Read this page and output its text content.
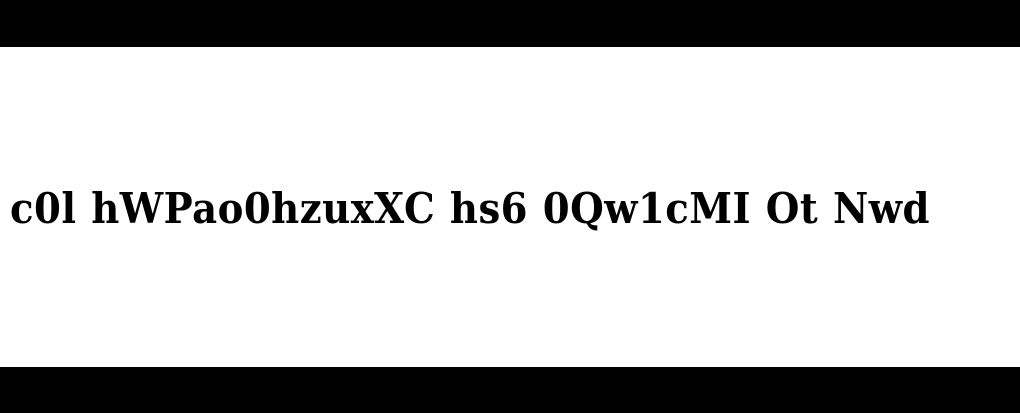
c0l hWPao0hzuxXC hs6 0Qw1cMI Ot Nwd
